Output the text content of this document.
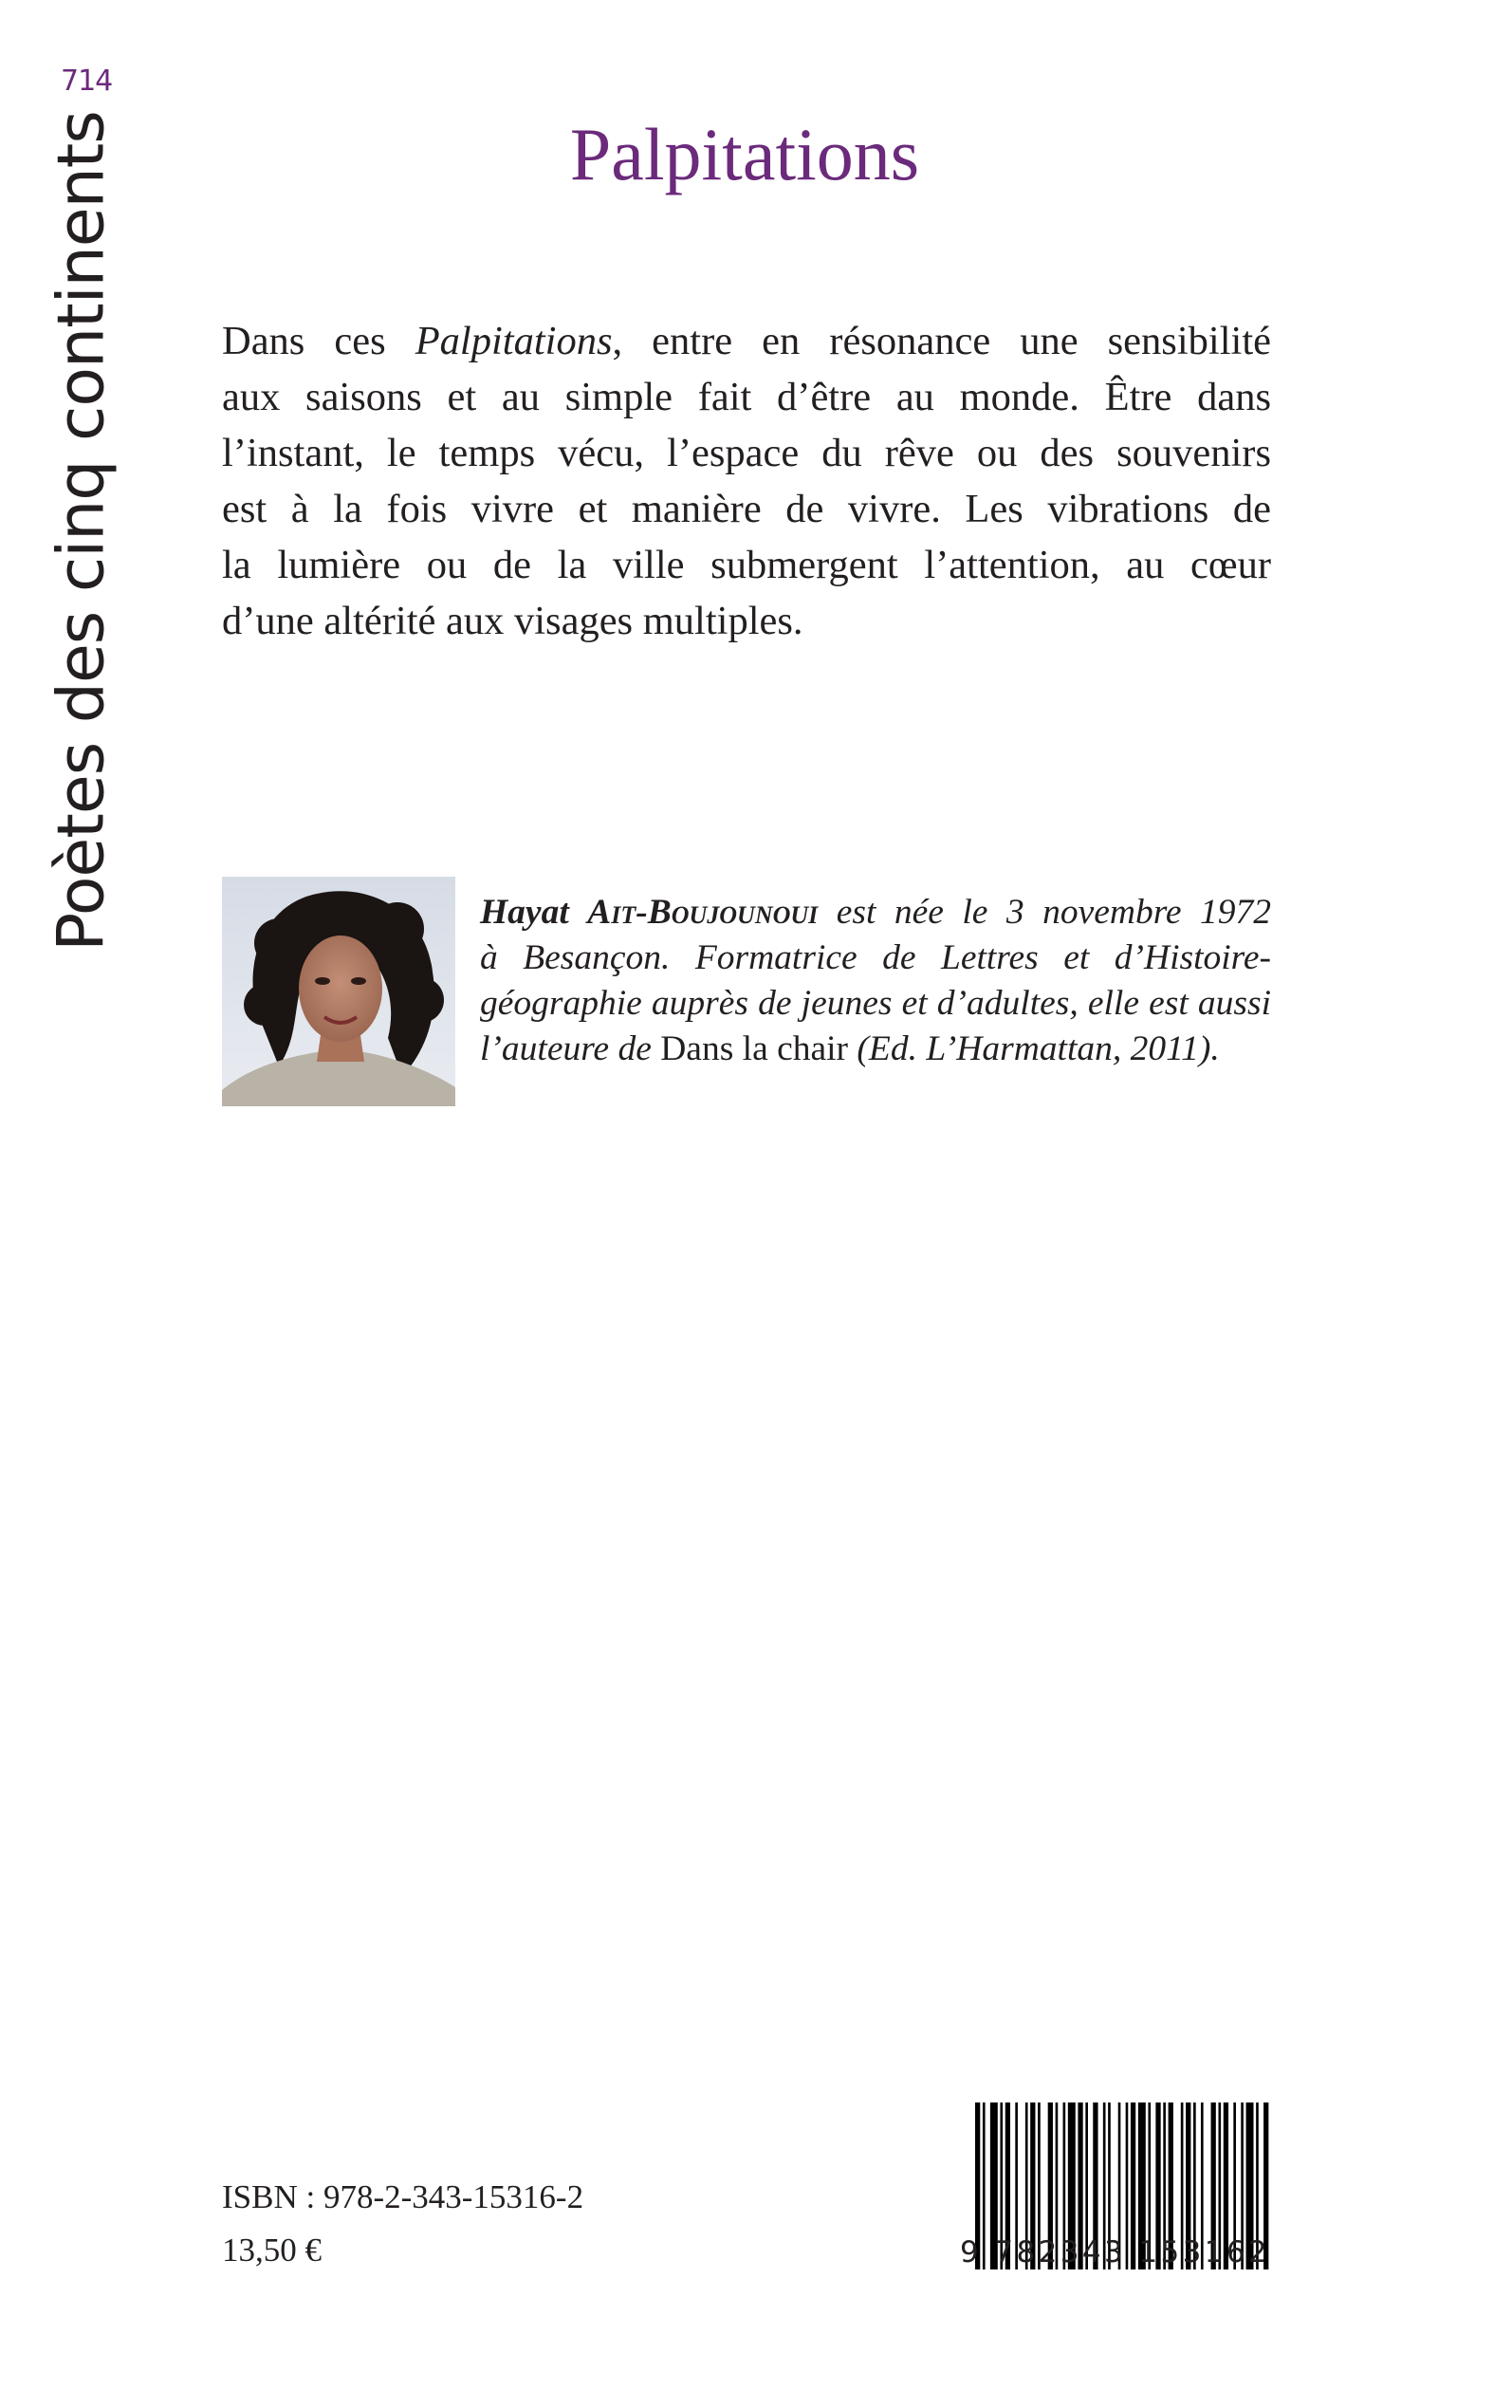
714
Poètes des cinq continents	Palpitations
Dans ces Palpitations, entre en résonance une sensibilité
aux saisons et au simple fait d’être au monde. Être dans
l’instant, le temps vécu, l’espace du rêve ou des souvenirs
est à la fois vivre et manière de vivre. Les vibrations de
la lumière ou de la ville submergent l’attention, au cœur
d’une altérité aux visages multiples.
Hayat Ait-Boujounoui est née le 3 novembre 1972
à Besançon. Formatrice de Lettres et d’Histoire-
géographie auprès de jeunes et d’adultes, elle est aussi
l’auteure de Dans la chair (Ed. L’Harmattan, 2011).
ISBN : 978-2-343-15316-2
13,50 €	9 782343 153162
